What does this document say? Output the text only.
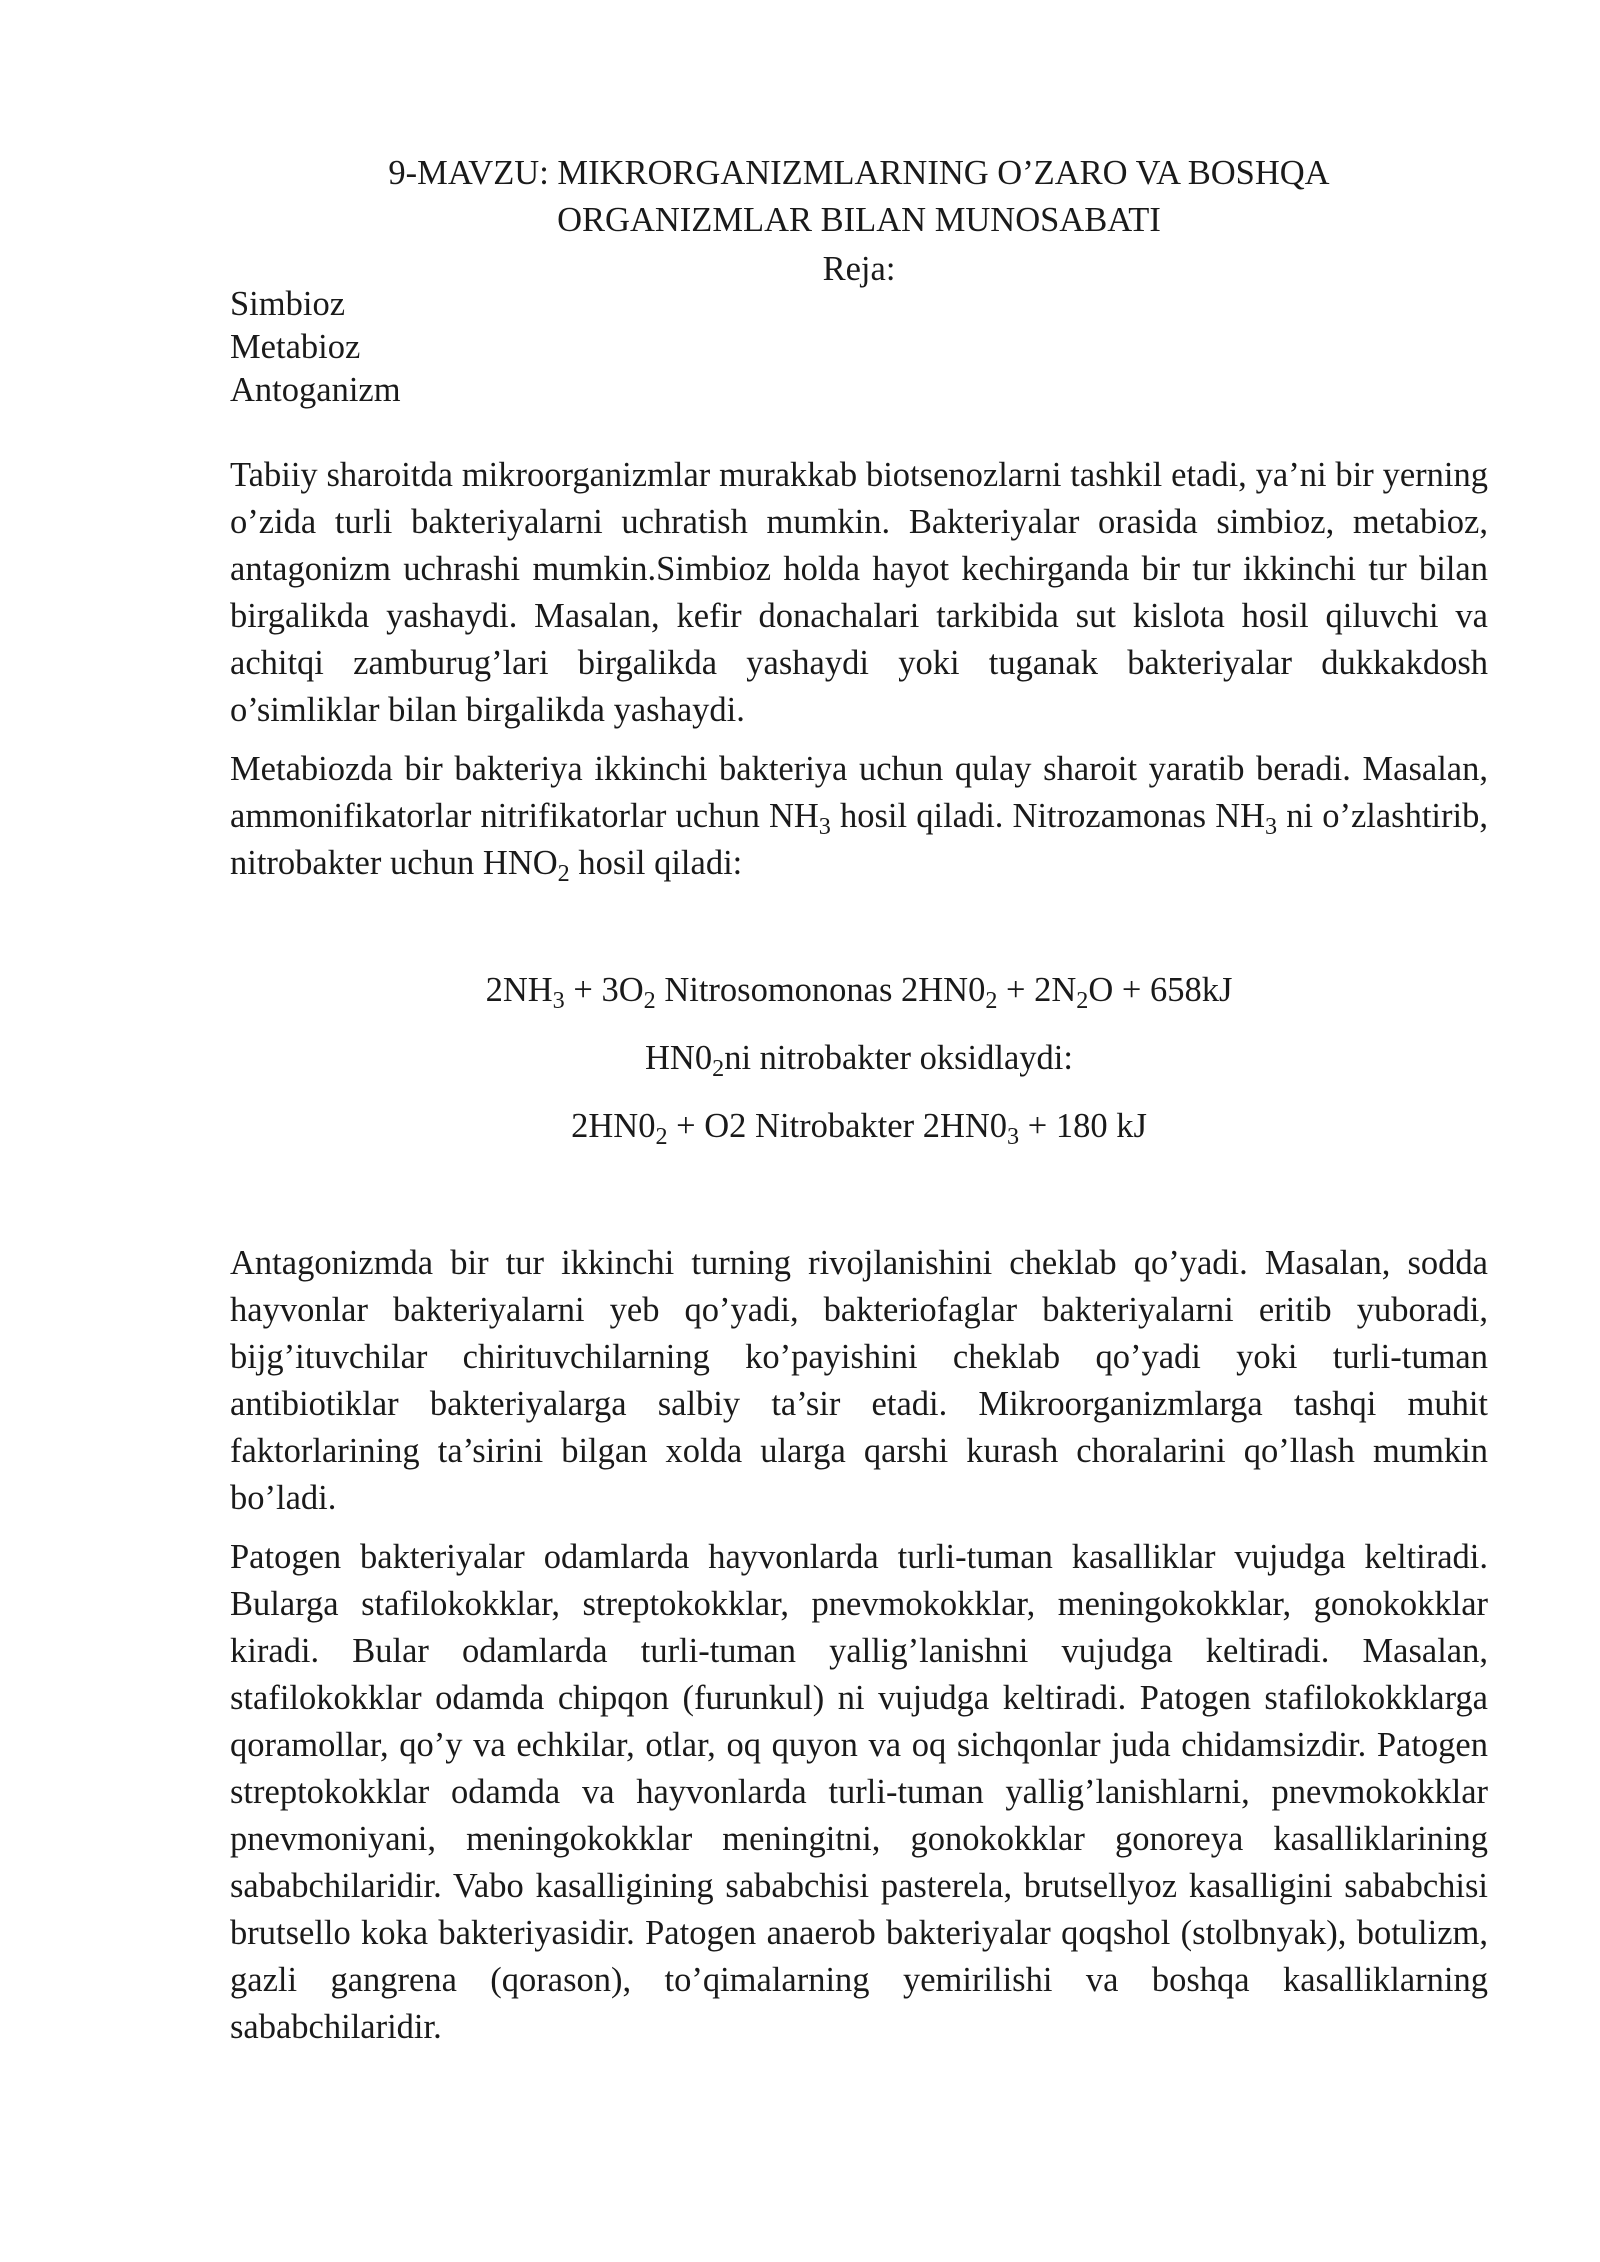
9-MAVZU: MIKRORGANIZMLARNING O’ZARO VA BOSHQA
ORGANIZMLAR BILAN MUNOSABATI
Reja:
Simbioz
Metabioz
Antoganizm

Tabiiy sharoitda mikroorganizmlar murakkab biotsenozlarni tashkil etadi, ya’ni bir yerning o’zida turli bakteriyalarni uchratish mumkin. Bakteriyalar orasida simbioz, metabioz, antagonizm uchrashi mumkin.Simbioz holda hayot kechirganda bir tur ikkinchi tur bilan birgalikda yashaydi. Masalan, kefir donachalari tarkibida sut kislota hosil qiluvchi va achitqi zamburug’lari birgalikda yashaydi yoki tuganak bakteriyalar dukkakdosh o’simliklar bilan birgalikda yashaydi.

Metabiozda bir bakteriya ikkinchi bakteriya uchun qulay sharoit yaratib beradi. Masalan, ammonifikatorlar nitrifikatorlar uchun $NH_3$ hosil qiladi. Nitrozamonas $NH_3$ ni o’zlashtirib, nitrobakter uchun $HNO_2$ hosil qiladi:

$2NH_3 + 3O_2$ Nitrosomononas $2HN0_2 + 2N_2O + 658kJ$
$HN0_2ni$ nitrobakter oksidlaydi:
$2HN0_2 + O2$ Nitrobakter $2HN0_3 + 180$ kJ

Antagonizmda bir tur ikkinchi turning rivojlanishini cheklab qo’yadi. Masalan, sodda hayvonlar bakteriyalarni yeb qo’yadi, bakteriofaglar bakteriyalarni eritib yuboradi, bijg’ituvchilar chirituvchilarning ko’payishini cheklab qo’yadi yoki turli-tuman antibiotiklar bakteriyalarga salbiy ta’sir etadi. Mikroorganizmlarga tashqi muhit faktorlarining ta’sirini bilgan xolda ularga qarshi kurash choralarini qo’llash mumkin bo’ladi.

Patogen bakteriyalar odamlarda hayvonlarda turli-tuman kasalliklar vujudga keltiradi. Bularga stafilokokklar, streptokokklar, pnevmokokklar, meningokokklar, gonokokklar kiradi. Bular odamlarda turli-tuman yallig’lanishni vujudga keltiradi. Masalan, stafilokokklar odamda chipqon (furunkul) ni vujudga keltiradi. Patogen stafilokokklarga qoramollar, qo’y va echkilar, otlar, oq quyon va oq sichqonlar juda chidamsizdir. Patogen streptokokklar odamda va hayvonlarda turli-tuman yallig’lanishlarni, pnevmokokklar pnevmoniyani, meningokokklar meningitni, gonokokklar gonoreya kasalliklarining sababchilaridir. Vabo kasalligining sababchisi pasterela, brutsellyoz kasalligini sababchisi brutsello koka bakteriyasidir. Patogen anaerob bakteriyalar qoqshol (stolbnyak), botulizm, gazli gangrena (qorason), to’qimalarning yemirilishi va boshqa kasalliklarning sababchilaridir.
